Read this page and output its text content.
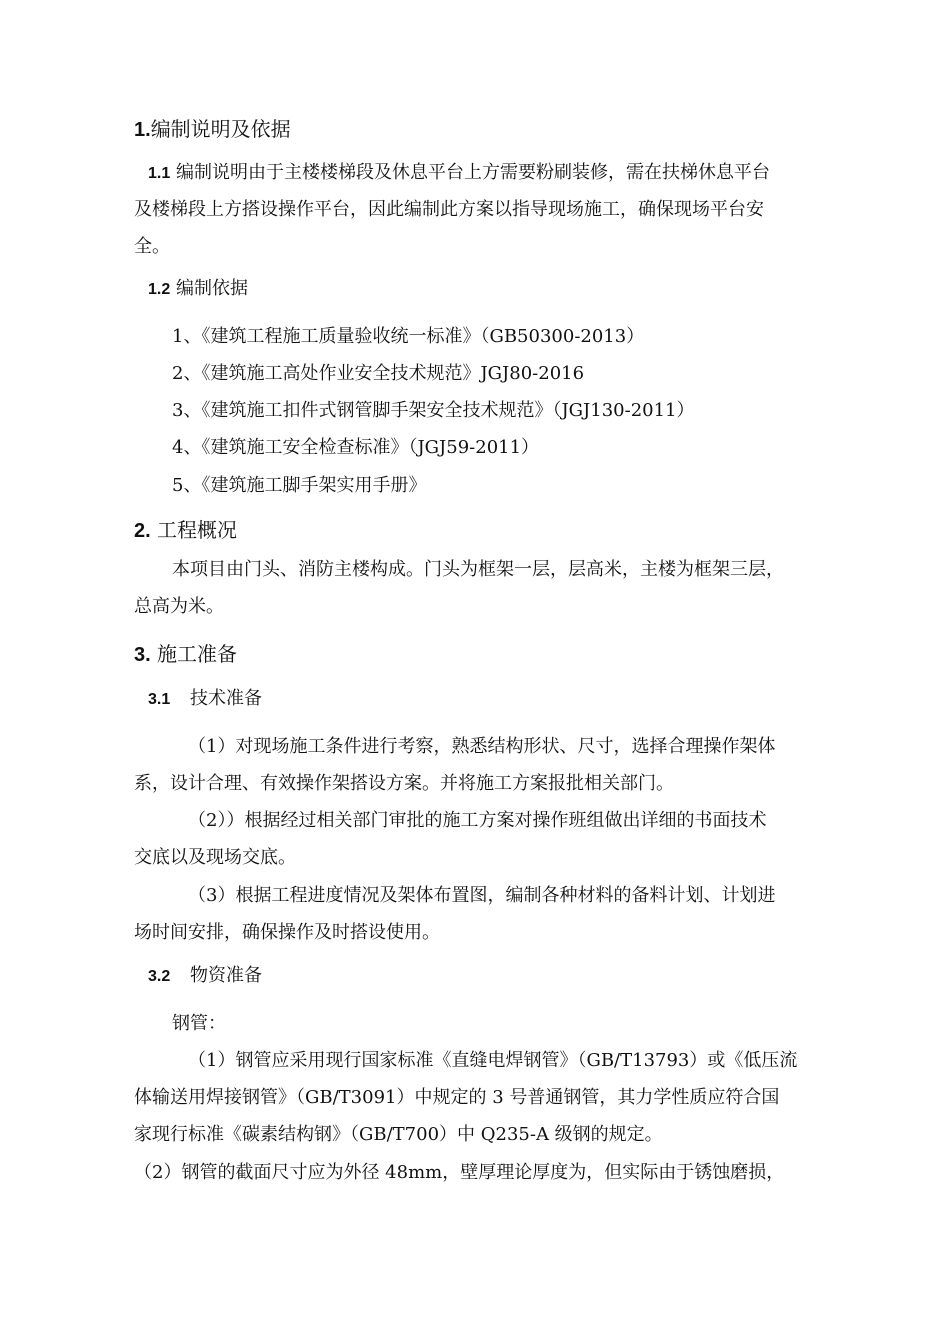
1.编制说明及依据
1.1 编制说明由于主楼楼梯段及休息平台上方需要粉刷装修，需在扶梯休息平台
及楼梯段上方搭设操作平台，因此编制此方案以指导现场施工，确保现场平台安
全。
1.2 编制依据
1、《建筑工程施工质量验收统一标准》（GB50300-2013）
2、《建筑施工高处作业安全技术规范》JGJ80-2016
3、《建筑施工扣件式钢管脚手架安全技术规范》（JGJ130-2011）
4、《建筑施工安全检查标准》（JGJ59-2011）
5、《建筑施工脚手架实用手册》
2. 工程概况
本项目由门头、消防主楼构成。门头为框架一层，层高米，主楼为框架三层，
总高为米。
3. 施工准备
3.1 技术准备
（1）对现场施工条件进行考察，熟悉结构形状、尺寸，选择合理操作架体
系，设计合理、有效操作架搭设方案。并将施工方案报批相关部门。
（2））根据经过相关部门审批的施工方案对操作班组做出详细的书面技术
交底以及现场交底。
（3）根据工程进度情况及架体布置图，编制各种材料的备料计划、计划进
场时间安排，确保操作及时搭设使用。
3.2 物资准备
钢管：
（1）钢管应采用现行国家标准《直缝电焊钢管》（GB/T13793）或《低压流
体输送用焊接钢管》（GB/T3091）中规定的 3 号普通钢管，其力学性质应符合国
家现行标准《碳素结构钢》（GB/T700）中 Q235-A 级钢的规定。
（2）钢管的截面尺寸应为外径 48mm，壁厚理论厚度为，但实际由于锈蚀磨损，
